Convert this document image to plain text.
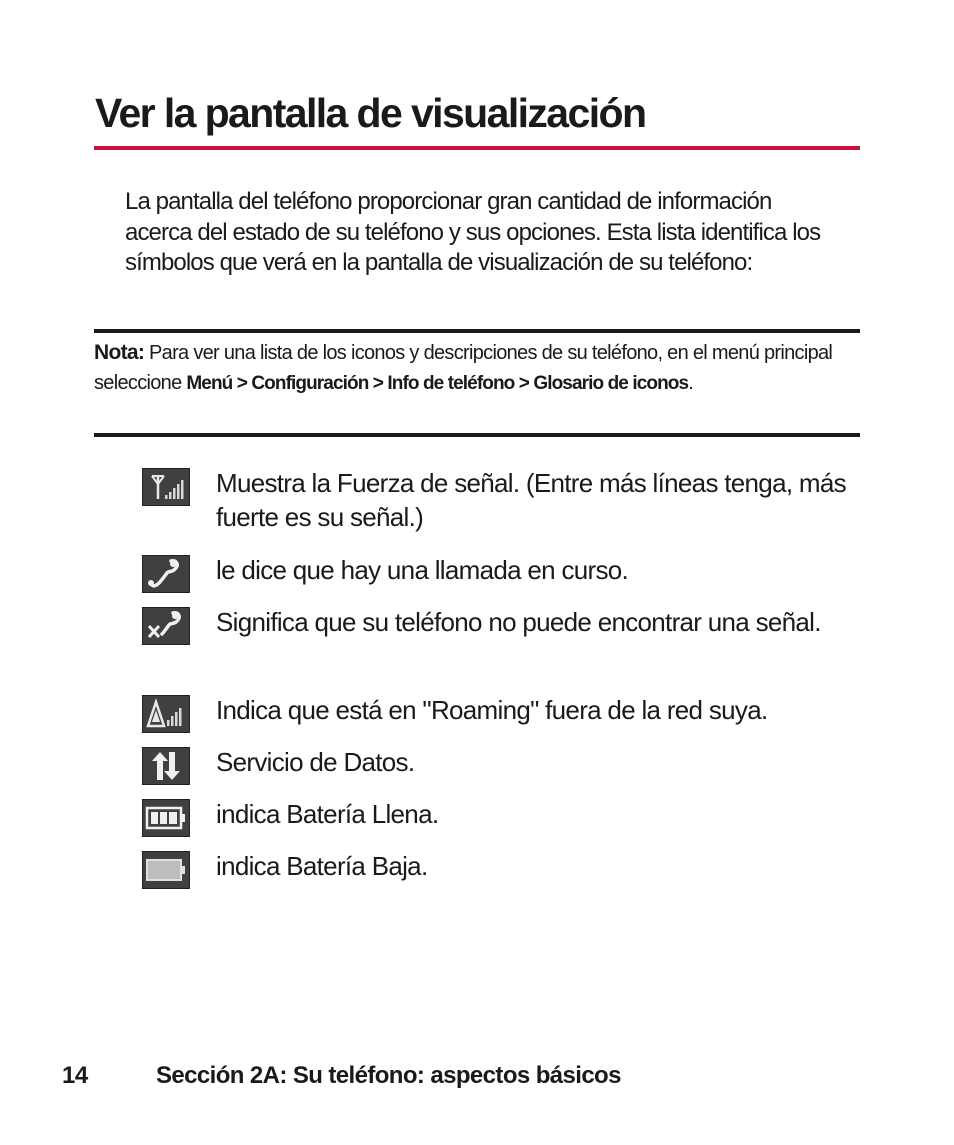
Ver la pantalla de visualización

La pantalla del teléfono proporcionar gran cantidad de información acerca del estado de su teléfono y sus opciones. Esta lista identifica los símbolos que verá en la pantalla de visualización de su teléfono:

Nota: Para ver una lista de los iconos y descripciones de su teléfono, en el menú principal seleccione Menú > Configuración > Info de teléfono > Glosario de iconos.

Muestra la Fuerza de señal. (Entre más líneas tenga, más fuerte es su señal.)

le dice que hay una llamada en curso.

Significa que su teléfono no puede encontrar una señal.

Indica que está en "Roaming" fuera de la red suya.

Servicio de Datos.

indica Batería Llena.

indica Batería Baja.

14	Sección 2A: Su teléfono: aspectos básicos
